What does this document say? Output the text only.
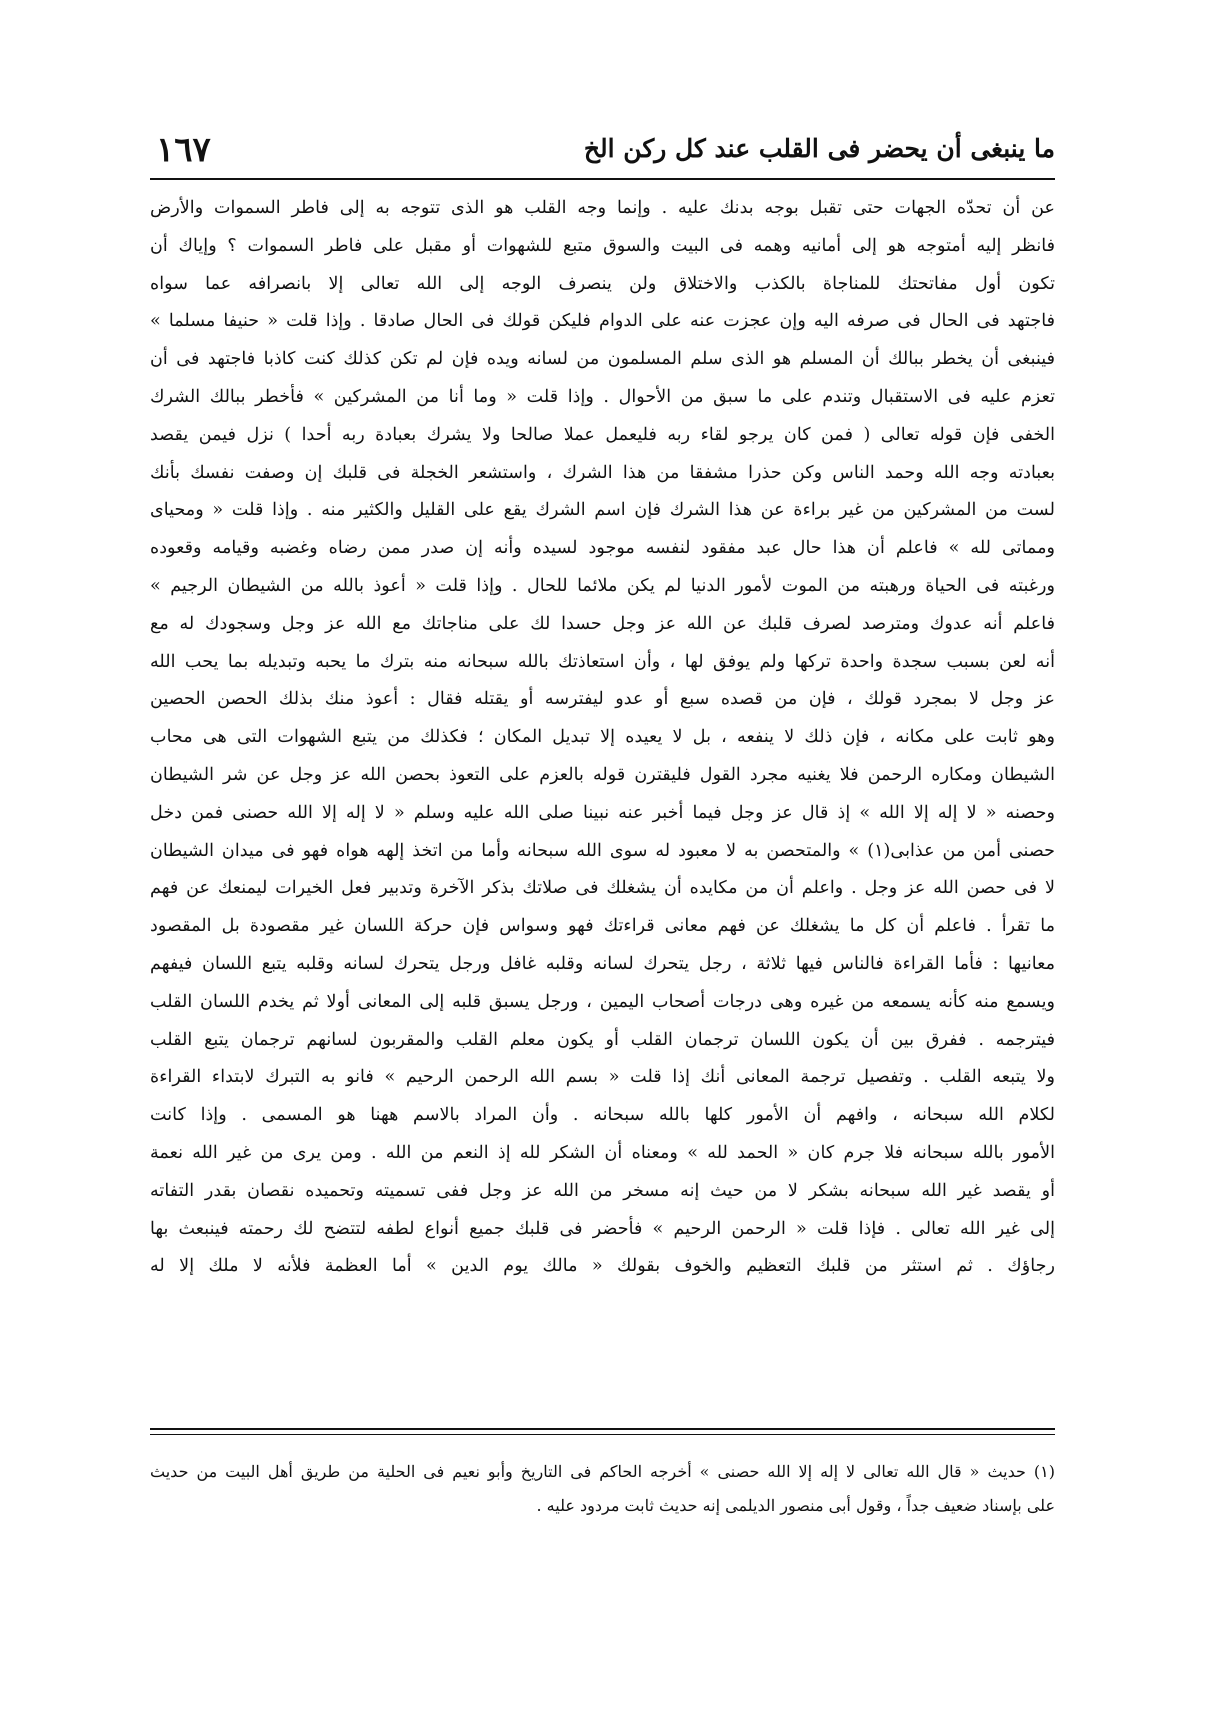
ما ينبغى أن يحضر فى القلب عند كل ركن الخ
١٦٧
عن أن تحدّه الجهات حتى تقبل بوجه بدنك عليه . وإنما وجه القلب هو الذى تتوجه به إلى فاطر السموات والأرض
فانظر إليه أمتوجه هو إلى أمانيه وهمه فى البيت والسوق متبع للشهوات أو مقبل على فاطر السموات ؟ وإياك أن
تكون أول مفاتحتك للمناجاة بالكذب والاختلاق ولن ينصرف الوجه إلى الله تعالى إلا بانصرافه عما سواه
فاجتهد فى الحال فى صرفه اليه وإن عجزت عنه على الدوام فليكن قولك فى الحال صادقا . وإذا قلت « حنيفا مسلما »
فينبغى أن يخطر ببالك أن المسلم هو الذى سلم المسلمون من لسانه ويده فإن لم تكن كذلك كنت كاذبا فاجتهد فى أن
تعزم عليه فى الاستقبال وتندم على ما سبق من الأحوال . وإذا قلت « وما أنا من المشركين » فأخطر ببالك الشرك
الخفى فإن قوله تعالى ( فمن كان يرجو لقاء ربه فليعمل عملا صالحا ولا يشرك بعبادة ربه أحدا ) نزل فيمن يقصد
بعبادته وجه الله وحمد الناس وكن حذرا مشفقا من هذا الشرك ، واستشعر الخجلة فى قلبك إن وصفت نفسك بأنك
لست من المشركين من غير براءة عن هذا الشرك فإن اسم الشرك يقع على القليل والكثير منه . وإذا قلت « ومحياى
ومماتى لله » فاعلم أن هذا حال عبد مفقود لنفسه موجود لسيده وأنه إن صدر ممن رضاه وغضبه وقيامه وقعوده
ورغبته فى الحياة ورهبته من الموت لأمور الدنيا لم يكن ملائما للحال . وإذا قلت « أعوذ بالله من الشيطان الرجيم »
فاعلم أنه عدوك ومترصد لصرف قلبك عن الله عز وجل حسدا لك على مناجاتك مع الله عز وجل وسجودك له مع
أنه لعن بسبب سجدة واحدة تركها ولم يوفق لها ، وأن استعاذتك بالله سبحانه منه بترك ما يحبه وتبديله بما يحب الله
عز وجل لا بمجرد قولك ، فإن من قصده سبع أو عدو ليفترسه أو يقتله فقال : أعوذ منك بذلك الحصن الحصين
وهو ثابت على مكانه ، فإن ذلك لا ينفعه ، بل لا يعيده إلا تبديل المكان ؛ فكذلك من يتبع الشهوات التى هى محاب
الشيطان ومكاره الرحمن فلا يغنيه مجرد القول فليقترن قوله بالعزم على التعوذ بحصن الله عز وجل عن شر الشيطان
وحصنه « لا إله إلا الله » إذ قال عز وجل فيما أخبر عنه نبينا صلى الله عليه وسلم « لا إله إلا الله حصنى فمن دخل
حصنى أمن من عذابى(١) » والمتحصن به لا معبود له سوى الله سبحانه وأما من اتخذ إلهه هواه فهو فى ميدان الشيطان
لا فى حصن الله عز وجل . واعلم أن من مكايده أن يشغلك فى صلاتك بذكر الآخرة وتدبير فعل الخيرات ليمنعك عن فهم
ما تقرأ . فاعلم أن كل ما يشغلك عن فهم معانى قراءتك فهو وسواس فإن حركة اللسان غير مقصودة بل المقصود
معانيها : فأما القراءة فالناس فيها ثلاثة ، رجل يتحرك لسانه وقلبه غافل ورجل يتحرك لسانه وقلبه يتبع اللسان فيفهم
ويسمع منه كأنه يسمعه من غيره وهى درجات أصحاب اليمين ، ورجل يسبق قلبه إلى المعانى أولا ثم يخدم اللسان القلب
فيترجمه . ففرق بين أن يكون اللسان ترجمان القلب أو يكون معلم القلب والمقربون لسانهم ترجمان يتبع القلب
ولا يتبعه القلب . وتفصيل ترجمة المعانى أنك إذا قلت « بسم الله الرحمن الرحيم » فانو به التبرك لابتداء القراءة
لكلام الله سبحانه ، وافهم أن الأمور كلها بالله سبحانه . وأن المراد بالاسم ههنا هو المسمى . وإذا كانت
الأمور بالله سبحانه فلا جرم كان « الحمد لله » ومعناه أن الشكر لله إذ النعم من الله . ومن يرى من غير الله نعمة
أو يقصد غير الله سبحانه بشكر لا من حيث إنه مسخر من الله عز وجل ففى تسميته وتحميده نقصان بقدر التفاته
إلى غير الله تعالى . فإذا قلت « الرحمن الرحيم » فأحضر فى قلبك جميع أنواع لطفه لتتضح لك رحمته فينبعث بها
رجاؤك . ثم استثر من قلبك التعظيم والخوف بقولك « مالك يوم الدين » أما العظمة فلأنه لا ملك إلا له
(١) حديث « قال الله تعالى لا إله إلا الله حصنى » أخرجه الحاكم فى التاريخ وأبو نعيم فى الحلية من طريق أهل البيت من حديث
على بإسناد ضعيف جداً ، وقول أبى منصور الديلمى إنه حديث ثابت مردود عليه .
